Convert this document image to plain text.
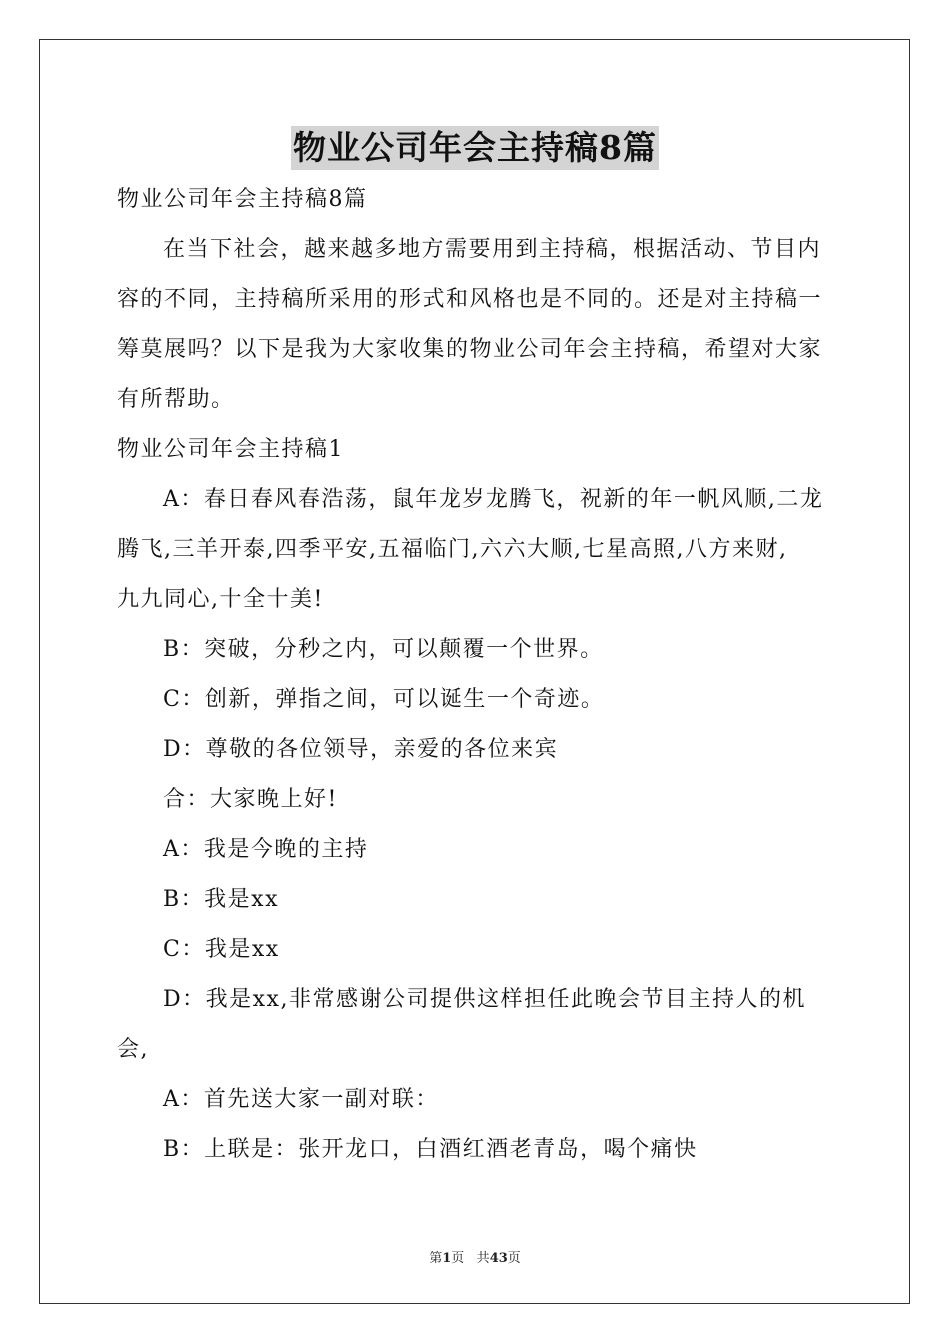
物业公司年会主持稿8篇
物业公司年会主持稿8篇
在当下社会，越来越多地方需要用到主持稿，根据活动、节目内
容的不同，主持稿所采用的形式和风格也是不同的。还是对主持稿一
筹莫展吗？以下是我为大家收集的物业公司年会主持稿，希望对大家
有所帮助。
物业公司年会主持稿1
A：春日春风春浩荡，鼠年龙岁龙腾飞，祝新的年一帆风顺,二龙
腾飞,三羊开泰,四季平安,五福临门,六六大顺,七星高照,八方来财,
九九同心,十全十美!
B：突破，分秒之内，可以颠覆一个世界。
C：创新，弹指之间，可以诞生一个奇迹。
D：尊敬的各位领导，亲爱的各位来宾
合：大家晚上好!
A：我是今晚的主持
B：我是xx
C：我是xx
D：我是xx,非常感谢公司提供这样担任此晚会节目主持人的机
会,
A：首先送大家一副对联：
B：上联是：张开龙口，白酒红酒老青岛，喝个痛快
第1页 共43页
